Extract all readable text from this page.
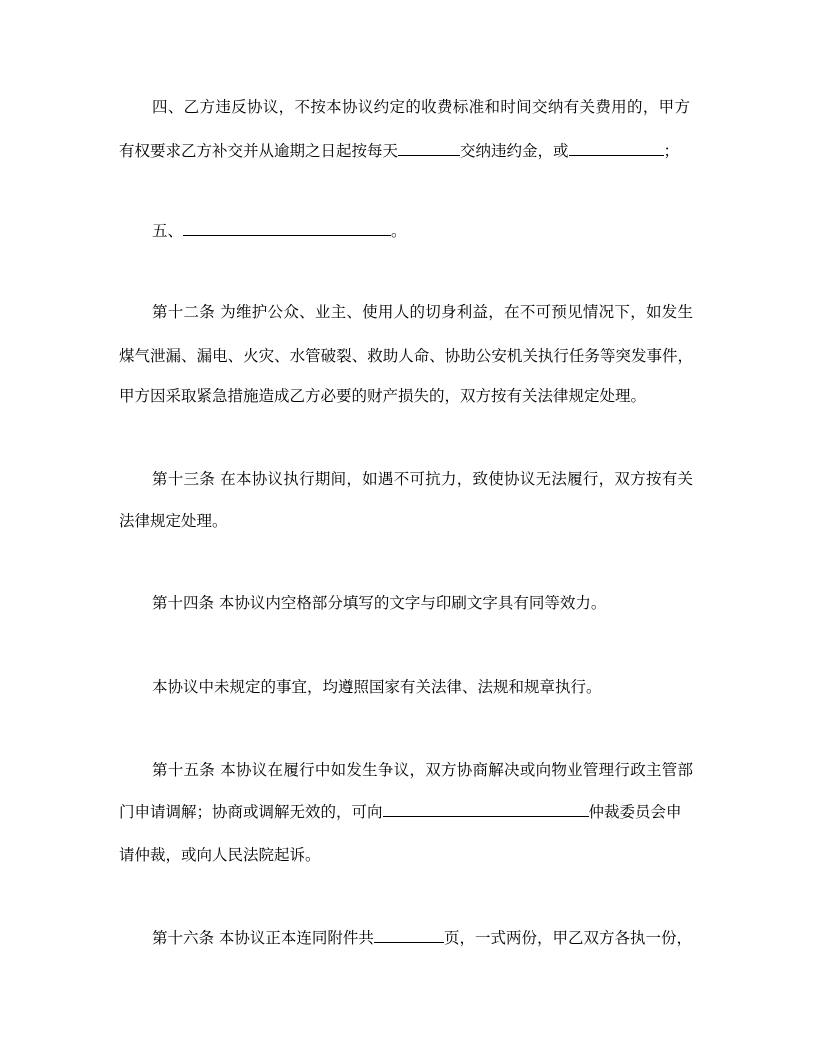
四、乙方违反协议，不按本协议约定的收费标准和时间交纳有关费用的，甲方

有权要求乙方补交并从逾期之日起按每天	交纳违约金，或	；

五、	。

第十二条 为维护公众、业主、使用人的切身利益，在不可预见情况下，如发生

煤气泄漏、漏电、火灾、水管破裂、救助人命、协助公安机关执行任务等突发事件，

甲方因采取紧急措施造成乙方必要的财产损失的，双方按有关法律规定处理。

第十三条 在本协议执行期间，如遇不可抗力，致使协议无法履行，双方按有关

法律规定处理。

第十四条 本协议内空格部分填写的文字与印刷文字具有同等效力。

本协议中未规定的事宜，均遵照国家有关法律、法规和规章执行。

第十五条 本协议在履行中如发生争议，双方协商解决或向物业管理行政主管部

门申请调解；协商或调解无效的，可向	仲裁委员会申

请仲裁，或向人民法院起诉。

第十六条 本协议正本连同附件共	页，一式两份，甲乙双方各执一份，
